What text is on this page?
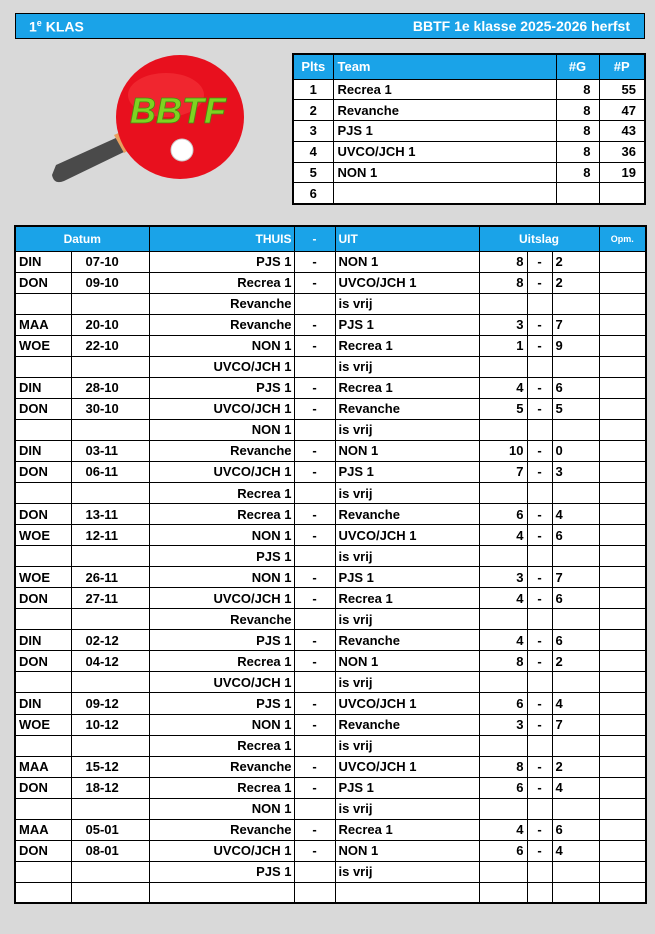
1e KLAS	BBTF 1e klasse 2025-2026 herfst
BBTF
Plts	Team	#G	#P
1	Recrea 1	8	55
2	Revanche	8	47
3	PJS 1	8	43
4	UVCO/JCH 1	8	36
5	NON 1	8	19
6			
Datum		THUIS	-	UIT	Uitslag			Opm.
DIN	07-10	PJS 1	-	NON 1	8	-	2	
DON	09-10	Recrea 1	-	UVCO/JCH 1	8	-	2	
		Revanche		is vrij				
MAA	20-10	Revanche	-	PJS 1	3	-	7	
WOE	22-10	NON 1	-	Recrea 1	1	-	9	
		UVCO/JCH 1		is vrij				
DIN	28-10	PJS 1	-	Recrea 1	4	-	6	
DON	30-10	UVCO/JCH 1	-	Revanche	5	-	5	
		NON 1		is vrij				
DIN	03-11	Revanche	-	NON 1	10	-	0	
DON	06-11	UVCO/JCH 1	-	PJS 1	7	-	3	
		Recrea 1		is vrij				
DON	13-11	Recrea 1	-	Revanche	6	-	4	
WOE	12-11	NON 1	-	UVCO/JCH 1	4	-	6	
		PJS 1		is vrij				
WOE	26-11	NON 1	-	PJS 1	3	-	7	
DON	27-11	UVCO/JCH 1	-	Recrea 1	4	-	6	
		Revanche		is vrij				
DIN	02-12	PJS 1	-	Revanche	4	-	6	
DON	04-12	Recrea 1	-	NON 1	8	-	2	
		UVCO/JCH 1		is vrij				
DIN	09-12	PJS 1	-	UVCO/JCH 1	6	-	4	
WOE	10-12	NON 1	-	Revanche	3	-	7	
		Recrea 1		is vrij				
MAA	15-12	Revanche	-	UVCO/JCH 1	8	-	2	
DON	18-12	Recrea 1	-	PJS 1	6	-	4	
		NON 1		is vrij				
MAA	05-01	Revanche	-	Recrea 1	4	-	6	
DON	08-01	UVCO/JCH 1	-	NON 1	6	-	4	
		PJS 1		is vrij				
